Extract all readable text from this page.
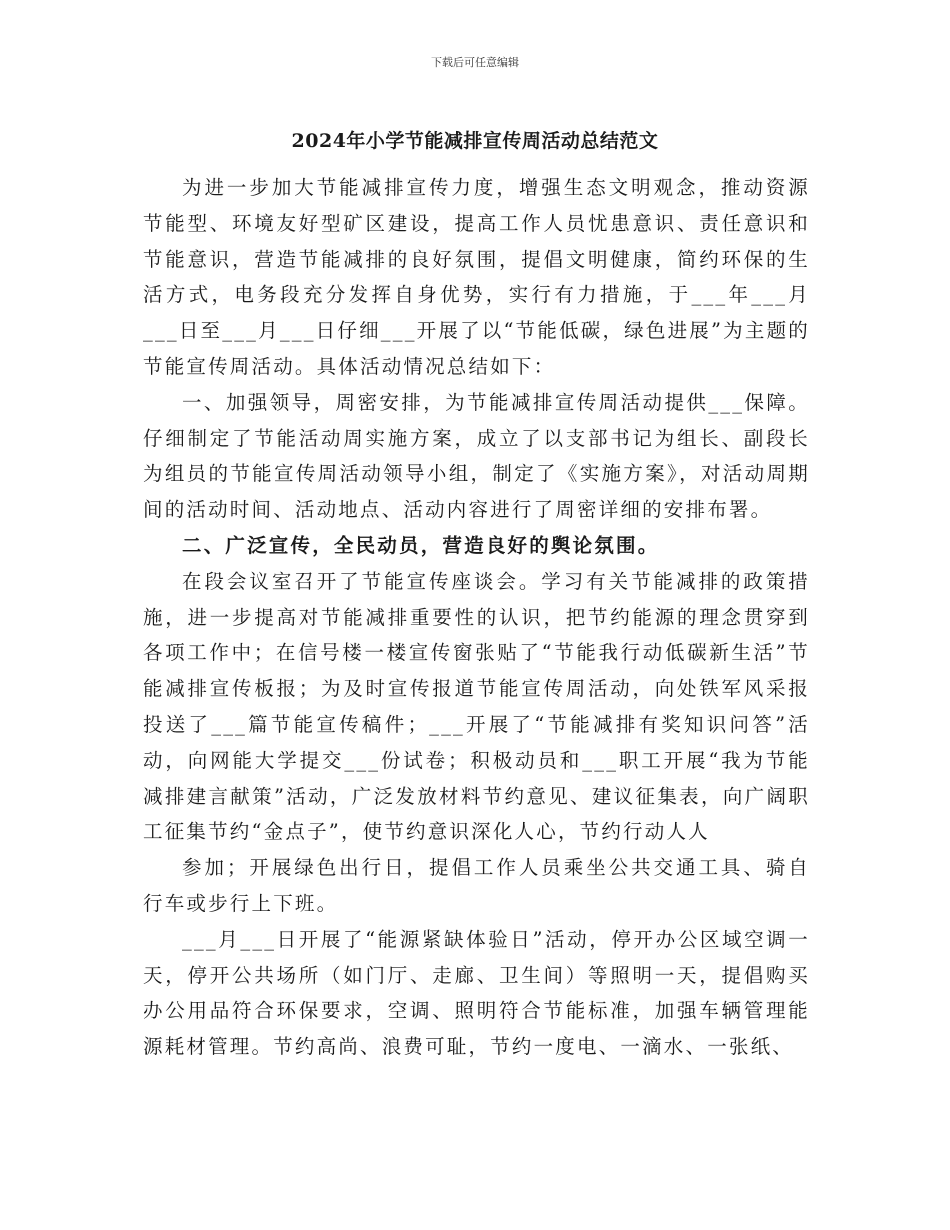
下载后可任意编辑
2024年小学节能减排宣传周活动总结范文

为进一步加大节能减排宣传力度，增强生态文明观念，推动资源节能型、环境友好型矿区建设，提高工作人员忧患意识、责任意识和节能意识，营造节能减排的良好氛围，提倡文明健康，简约环保的生活方式，电务段充分发挥自身优势，实行有力措施，于___年___月___日至___月___日仔细___开展了以“节能低碳，绿色进展”为主题的节能宣传周活动。具体活动情况总结如下：

一、加强领导，周密安排，为节能减排宣传周活动提供___保障。仔细制定了节能活动周实施方案，成立了以支部书记为组长、副段长为组员的节能宣传周活动领导小组，制定了《实施方案》，对活动周期间的活动时间、活动地点、活动内容进行了周密详细的安排布署。

二、广泛宣传，全民动员，营造良好的舆论氛围。

在段会议室召开了节能宣传座谈会。学习有关节能减排的政策措施，进一步提高对节能减排重要性的认识，把节约能源的理念贯穿到各项工作中；在信号楼一楼宣传窗张贴了“节能我行动低碳新生活”节能减排宣传板报；为及时宣传报道节能宣传周活动，向处铁军风采报投送了___篇节能宣传稿件；___开展了“节能减排有奖知识问答”活动，向网能大学提交___份试卷；积极动员和___职工开展“我为节能减排建言献策”活动，广泛发放材料节约意见、建议征集表，向广阔职工征集节约“金点子”，使节约意识深化人心，节约行动人人

参加；开展绿色出行日，提倡工作人员乘坐公共交通工具、骑自行车或步行上下班。

___月___日开展了“能源紧缺体验日”活动，停开办公区域空调一天，停开公共场所（如门厅、走廊、卫生间）等照明一天，提倡购买办公用品符合环保要求，空调、照明符合节能标准，加强车辆管理能源耗材管理。节约高尚、浪费可耻，节约一度电、一滴水、一张纸、
